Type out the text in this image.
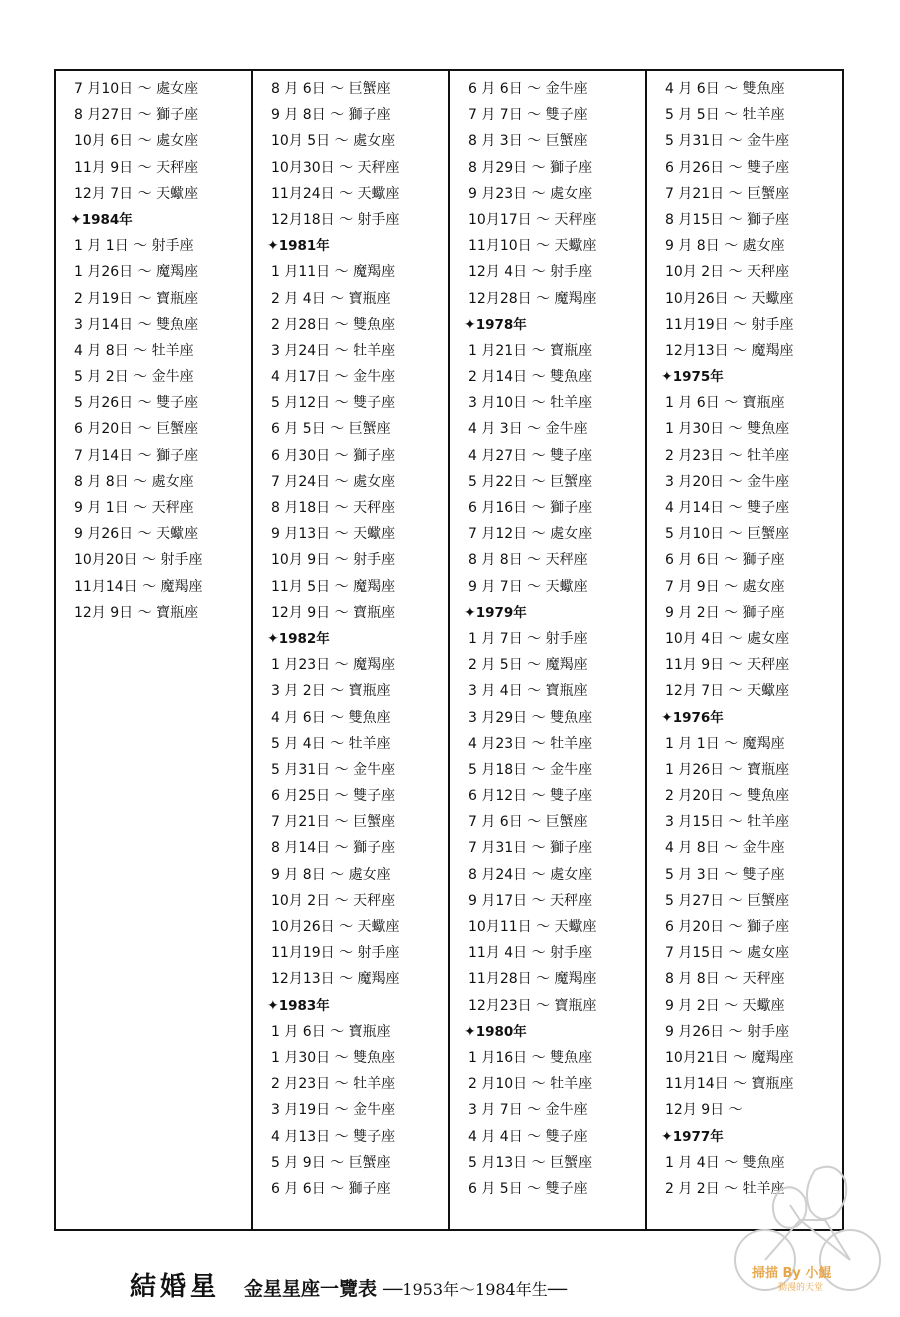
7 月10日 ～ 處女座
8 月27日 ～ 獅子座
10月 6日 ～ 處女座
11月 9日 ～ 天秤座
12月 7日 ～ 天蠍座
✦1984年
1 月 1日 ～ 射手座
1 月26日 ～ 魔羯座
2 月19日 ～ 寶瓶座
3 月14日 ～ 雙魚座
4 月 8日 ～ 牡羊座
5 月 2日 ～ 金牛座
5 月26日 ～ 雙子座
6 月20日 ～ 巨蟹座
7 月14日 ～ 獅子座
8 月 8日 ～ 處女座
9 月 1日 ～ 天秤座
9 月26日 ～ 天蠍座
10月20日 ～ 射手座
11月14日 ～ 魔羯座
12月 9日 ～ 寶瓶座
8 月 6日 ～ 巨蟹座
9 月 8日 ～ 獅子座
10月 5日 ～ 處女座
10月30日 ～ 天秤座
11月24日 ～ 天蠍座
12月18日 ～ 射手座
✦1981年
1 月11日 ～ 魔羯座
2 月 4日 ～ 寶瓶座
2 月28日 ～ 雙魚座
3 月24日 ～ 牡羊座
4 月17日 ～ 金牛座
5 月12日 ～ 雙子座
6 月 5日 ～ 巨蟹座
6 月30日 ～ 獅子座
7 月24日 ～ 處女座
8 月18日 ～ 天秤座
9 月13日 ～ 天蠍座
10月 9日 ～ 射手座
11月 5日 ～ 魔羯座
12月 9日 ～ 寶瓶座
✦1982年
1 月23日 ～ 魔羯座
3 月 2日 ～ 寶瓶座
4 月 6日 ～ 雙魚座
5 月 4日 ～ 牡羊座
5 月31日 ～ 金牛座
6 月25日 ～ 雙子座
7 月21日 ～ 巨蟹座
8 月14日 ～ 獅子座
9 月 8日 ～ 處女座
10月 2日 ～ 天秤座
10月26日 ～ 天蠍座
11月19日 ～ 射手座
12月13日 ～ 魔羯座
✦1983年
1 月 6日 ～ 寶瓶座
1 月30日 ～ 雙魚座
2 月23日 ～ 牡羊座
3 月19日 ～ 金牛座
4 月13日 ～ 雙子座
5 月 9日 ～ 巨蟹座
6 月 6日 ～ 獅子座
6 月 6日 ～ 金牛座
7 月 7日 ～ 雙子座
8 月 3日 ～ 巨蟹座
8 月29日 ～ 獅子座
9 月23日 ～ 處女座
10月17日 ～ 天秤座
11月10日 ～ 天蠍座
12月 4日 ～ 射手座
12月28日 ～ 魔羯座
✦1978年
1 月21日 ～ 寶瓶座
2 月14日 ～ 雙魚座
3 月10日 ～ 牡羊座
4 月 3日 ～ 金牛座
4 月27日 ～ 雙子座
5 月22日 ～ 巨蟹座
6 月16日 ～ 獅子座
7 月12日 ～ 處女座
8 月 8日 ～ 天秤座
9 月 7日 ～ 天蠍座
✦1979年
1 月 7日 ～ 射手座
2 月 5日 ～ 魔羯座
3 月 4日 ～ 寶瓶座
3 月29日 ～ 雙魚座
4 月23日 ～ 牡羊座
5 月18日 ～ 金牛座
6 月12日 ～ 雙子座
7 月 6日 ～ 巨蟹座
7 月31日 ～ 獅子座
8 月24日 ～ 處女座
9 月17日 ～ 天秤座
10月11日 ～ 天蠍座
11月 4日 ～ 射手座
11月28日 ～ 魔羯座
12月23日 ～ 寶瓶座
✦1980年
1 月16日 ～ 雙魚座
2 月10日 ～ 牡羊座
3 月 7日 ～ 金牛座
4 月 4日 ～ 雙子座
5 月13日 ～ 巨蟹座
6 月 5日 ～ 雙子座
4 月 6日 ～ 雙魚座
5 月 5日 ～ 牡羊座
5 月31日 ～ 金牛座
6 月26日 ～ 雙子座
7 月21日 ～ 巨蟹座
8 月15日 ～ 獅子座
9 月 8日 ～ 處女座
10月 2日 ～ 天秤座
10月26日 ～ 天蠍座
11月19日 ～ 射手座
12月13日 ～ 魔羯座
✦1975年
1 月 6日 ～ 寶瓶座
1 月30日 ～ 雙魚座
2 月23日 ～ 牡羊座
3 月20日 ～ 金牛座
4 月14日 ～ 雙子座
5 月10日 ～ 巨蟹座
6 月 6日 ～ 獅子座
7 月 9日 ～ 處女座
9 月 2日 ～ 獅子座
10月 4日 ～ 處女座
11月 9日 ～ 天秤座
12月 7日 ～ 天蠍座
✦1976年
1 月 1日 ～ 魔羯座
1 月26日 ～ 寶瓶座
2 月20日 ～ 雙魚座
3 月15日 ～ 牡羊座
4 月 8日 ～ 金牛座
5 月 3日 ～ 雙子座
5 月27日 ～ 巨蟹座
6 月20日 ～ 獅子座
7 月15日 ～ 處女座
8 月 8日 ～ 天秤座
9 月 2日 ～ 天蠍座
9 月26日 ～ 射手座
10月21日 ～ 魔羯座
11月14日 ～ 寶瓶座
12月 9日 ～
✦1977年
1 月 4日 ～ 雙魚座
2 月 2日 ～ 牡羊座
結婚星 金星星座一覽表 ──1953年～1984年生──
掃描 By 小鯤
動漫的天堂
